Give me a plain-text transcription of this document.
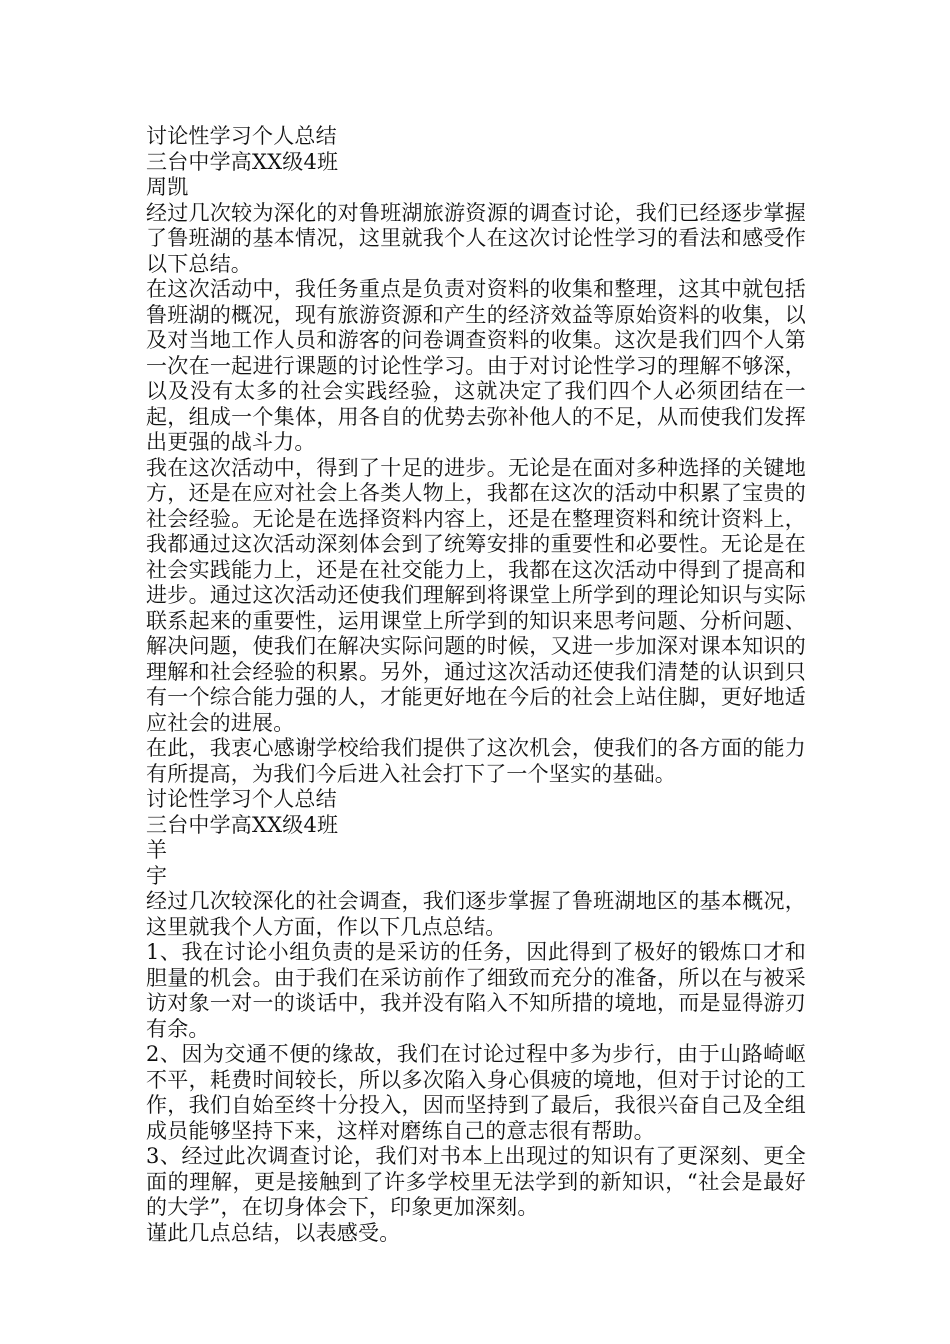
讨论性学习个人总结

三台中学高XX级4班

周凯

经过几次较为深化的对鲁班湖旅游资源的调查讨论，我们已经逐步掌握了鲁班湖的基本情况，这里就我个人在这次讨论性学习的看法和感受作以下总结。

在这次活动中，我任务重点是负责对资料的收集和整理，这其中就包括鲁班湖的概况，现有旅游资源和产生的经济效益等原始资料的收集，以及对当地工作人员和游客的问卷调查资料的收集。这次是我们四个人第一次在一起进行课题的讨论性学习。由于对讨论性学习的理解不够深，以及没有太多的社会实践经验，这就决定了我们四个人必须团结在一起，组成一个集体，用各自的优势去弥补他人的不足，从而使我们发挥出更强的战斗力。

我在这次活动中，得到了十足的进步。无论是在面对多种选择的关键地方，还是在应对社会上各类人物上，我都在这次的活动中积累了宝贵的社会经验。无论是在选择资料内容上，还是在整理资料和统计资料上，我都通过这次活动深刻体会到了统筹安排的重要性和必要性。无论是在社会实践能力上，还是在社交能力上，我都在这次活动中得到了提高和进步。通过这次活动还使我们理解到将课堂上所学到的理论知识与实际联系起来的重要性，运用课堂上所学到的知识来思考问题、分析问题、解决问题，使我们在解决实际问题的时候，又进一步加深对课本知识的理解和社会经验的积累。另外，通过这次活动还使我们清楚的认识到只有一个综合能力强的人，才能更好地在今后的社会上站住脚，更好地适应社会的进展。

在此，我衷心感谢学校给我们提供了这次机会，使我们的各方面的能力有所提高，为我们今后进入社会打下了一个坚实的基础。

讨论性学习个人总结

三台中学高XX级4班

羊

宇

经过几次较深化的社会调查，我们逐步掌握了鲁班湖地区的基本概况，这里就我个人方面，作以下几点总结。

1、我在讨论小组负责的是采访的任务，因此得到了极好的锻炼口才和胆量的机会。由于我们在采访前作了细致而充分的准备，所以在与被采访对象一对一的谈话中，我并没有陷入不知所措的境地，而是显得游刃有余。

2、因为交通不便的缘故，我们在讨论过程中多为步行，由于山路崎岖不平，耗费时间较长，所以多次陷入身心俱疲的境地，但对于讨论的工作，我们自始至终十分投入，因而坚持到了最后，我很兴奋自己及全组成员能够坚持下来，这样对磨练自己的意志很有帮助。

3、经过此次调查讨论，我们对书本上出现过的知识有了更深刻、更全面的理解，更是接触到了许多学校里无法学到的新知识，“社会是最好的大学”，在切身体会下，印象更加深刻。

谨此几点总结，以表感受。
